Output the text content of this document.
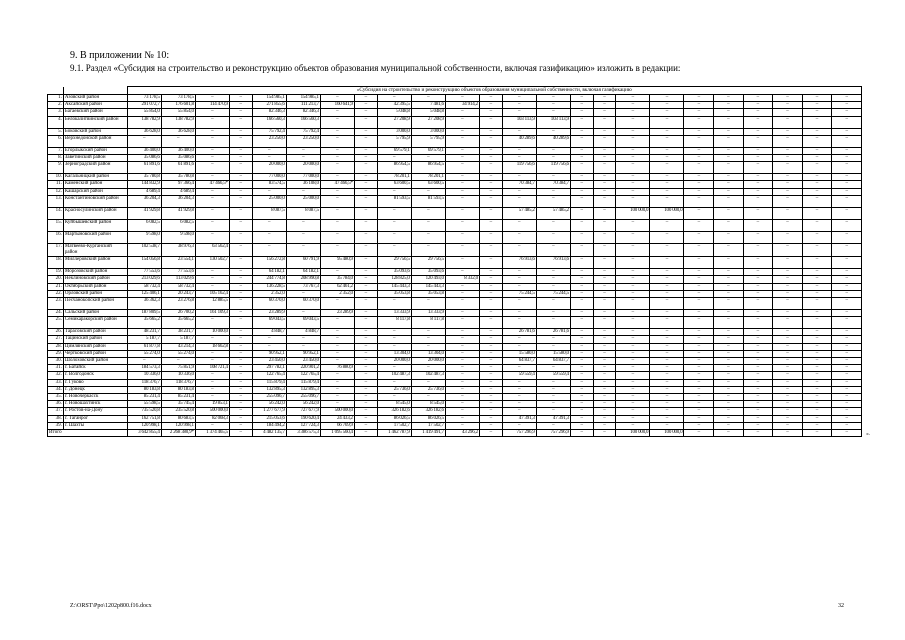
9. В приложении № 10:
9.1. Раздел «Субсидия на строительство и реконструкцию объектов образования муниципальной собственности, включая газификацию» изложить в редакции:
		«Субсидия на строительство и реконструкцию объектов образования муниципальной собственности, включая газификацию																							
1.	Азовский район	73 178,5	73 178,5	–	–	154 985,1	154 985,1	–	–	–	–	–	–	–	–	–	–	–	–	–	–	–	–	–	–
2.	Аксайский район	291 072,7	176 601,8	114 470,9	–	271 855,6	111 213,7	160 641,9	–	42 395,5	7 481,6	34 914,2	–	–	–	–	–	–	–	–	–	–	–	–	–
3.	Багаевский район	55 854,0	55 854,0	–	–	82 346,3	82 346,3	–	–	5 048,8	5 048,8	–	–	–	–	–	–	–	–	–	–	–	–	–	–
4.	Белокалитвинский район	138 782,9	138 782,9	–	–	166 560,3	166 560,3	–	–	27 208,9	27 208,9	–	–	103 113,9	103 113,9	–	–	–	–	–	–	–	–	–	–
5.	Боковский район	36 628,0	36 628,0	–	–	75 792,4	75 792,4	–	–	3 000,0	3 000,0	–	–	–	–	–	–	–	–	–	–	–	–	–	–
6.	Верхнедонской район	–	–	–	–	23 250,0	23 250,0	–	–	5 795,9	5 795,9	–	–	40 289,6	40 289,6	–	–	–	–	–	–	–	–	–	–
7.	Егорлыкский район	36 400,0	36 400,0	–	–	–	–	–	–	69 579,1	69 579,1	–	–	–	–	–	–	–	–	–	–	–	–	–	–
8.	Заветинский район	35 086,6	35 086,6	–	–	–	–	–	–	–	–	–	–	–	–	–	–	–	–	–	–	–	–	–	–
9.	Зерноградский район	61 891,6	61 891,6	–	–	20 000,0	20 000,0	–	–	86 954,5	86 954,5	–	–	119 756,6	119 756,6	–	–	–	–	–	–	–	–	–	–
10.	Кагальницкий район	35 780,8	35 780,8	–	–	77 000,0	77 000,0	–	–	78 201,1	78 201,1	–	–	–	–	–	–	–	–	–	–	–	–	–	–
11.	Каменский район	144 832,9	97 366,4	47 466,5*	–	83 574,5	36 108,0	47 466,5*	–	63 600,5	63 600,5	–	–	70 384,7	70 384,7	–	–	–	–	–	–	–	–	–	–
12.	Кашарский район	4 689,4	4 689,4	–	–	–	–	–	–	–	–	–	–	–	–	–	–	–	–	–	–	–	–	–	–
13.	Константиновский район	36 204,3	36 204,3	–	–	25 000,0	25 000,0	–	–	81 593,5	81 593,5	–	–	–	–	–	–	–	–	–	–	–	–	–	–
14.	Красносулинский район	41 929,8	41 929,8	–	–	8 087,5	8 087,5	–	–	–	–	–	–	57 485,2	57 485,2	–	–	100 000,0	100 000,0	–	–	–	–	–	–
15.	Куйбышевский район	6 082,5	6 082,5	–	–	–	–	–	–	–	–	–	–	–	–	–	–	–	–	–	–	–	–	–	–
16.	Мартыновский район	9 598,0	9 598,0	–	–	–	–	–	–	–	–	–	–	–	–	–	–	–	–	–	–	–	–	–	–
17.	Матвеево-Курганский район	102 538,7	38 976,3	63 562,4	–	–	–	–	–	–	–	–	–	–	–	–	–	–	–	–	–	–	–	–	–
18.	Миллеровский район	154 056,8	23 554,1	130 502,7	–	156 272,8	60 791,9	95 480,9	–	29 756,5	29 756,5	–	–	76 913,6	76 913,6	–	–	–	–	–	–	–	–	–	–
19.	Морозовский район	77 553,6	77 553,6	–	–	64 182,1	64 182,1	–	–	35 093,6	35 093,6	–	–	–	–	–	–	–	–	–	–	–	–	–	–
20.	Неклиновский район	213 029,6	113 029,6	–	–	244 774,8	208 990,8	35 784,0	–	128 825,0	120 493,0	8 332,0	–	–	–	–	–	–	–	–	–	–	–	–	–
21.	Октябрьский район	58 732,4	58 732,4	–	–	136 228,5	73 767,3	62 461,2	–	145 443,3	145 443,3	–	–	–	–	–	–	–	–	–	–	–	–	–	–
22.	Орловский район	125 406,1	20 243,7	105 162,4	–	2 352,0	–	2 352,0	–	35 053,8	35 053,8	–	–	75 244,5	75 244,5	–	–	–	–	–	–	–	–	–	–
23.	Песчанокопский район	36 362,3	23 276,8	12 885,5	–	60 370,0	60 370,0	–	–	–	–	–	–	–	–	–	–	–	–	–	–	–	–	–	–
24.	Сальский район	187 809,5	26 700,2	161 109,3	–	23 289,9	–	23 289,9	–	13 333,9	13 333,9	–	–	–	–	–	–	–	–	–	–	–	–	–	–
25.	Семикаракорский район	35 665,2	35 665,2	–	–	69 043,5	69 043,5	–	–	8 117,8	8 117,8	–	–	–	–	–	–	–	–	–	–	–	–	–	–
26.	Тарасовский район	48 231,7	38 231,7	10 000,0	–	4 848,7	4 848,7	–	–	–	–	–	–	26 781,6	26 781,6	–	–	–	–	–	–	–	–	–	–
27.	Тацинский район	5 187,7	5 187,7	–	–	–	–	–	–	–	–	–	–	–	–	–	–	–	–	–	–	–	–	–	–
28.	Цимлянский район	61 877,8	43 214,3	18 662,8	–	–	–	–	–	–	–	–	–	–	–	–	–	–	–	–	–	–	–	–	–
29.	Чертковский район	55 274,0	55 274,0	–	–	90 952,1	90 952,1	–	–	13 304,0	13 304,0	–	–	15 580,0	15 580,0	–	–	–	–	–	–	–	–	–	–
30.	Шолоховский район	–	–	–	–	23 450,0	23 450,0	–	–	20 000,0	20 000,0	–	–	64 837,7	64 837,7	–	–	–	–	–	–	–	–	–	–
31.	г. Батайск	184 573,3	75 851,9	108 721,4	–	297 782,1	220 901,2	76 880,9	–	–	–	–	–	–	–	–	–	–	–	–	–	–	–	–	–
32.	г. Волгодонск	10 336,0	10 336,0	–	–	122 765,4	122 765,4	–	–	102 487,3	102 487,3	–	–	59 559,4	59 559,4	–	–	–	–	–	–	–	–	–	–
33.	г. Гуково	118 376,7	118 376,7	–	–	115 879,4	115 879,4	–	–	–	–	–	–	–	–	–	–	–	–	–	–	–	–	–	–
34.	г. Донецк	80 183,8	80 183,8	–	–	132 895,3	132 895,3	–	–	25 736,0	25 736,0	–	–	–	–	–	–	–	–	–	–	–	–	–	–
35.	г. Новочеркасск	85 231,4	85 231,4	–	–	255 096,7	255 096,7	–	–	–	–	–	–	–	–	–	–	–	–	–	–	–	–	–	–
36.	г. Новошахтинск	55 598,5	35 745,4	19 853,1	–	56 242,0	56 242,0	–	–	8 545,0	8 545,0	–	–	–	–	–	–	–	–	–	–	–	–	–	–
37.	г. Ростов-на-Дону	735 520,8	235 520,8	500 000,0	–	1 277 677,9	727 677,9	500 000,0	–	326 182,6	326 182,6	–	–	–	–	–	–	–	–	–	–	–	–	–	–
38.	г. Таганрог	162 751,8	80 683,5	82 068,3	–	215 053,6	190 620,4	24 433,2	–	86 026,5	86 026,5	–	–	47 391,3	47 391,3	–	–	–	–	–	–	–	–	–	–
39.	г. Шахты	120 998,1	120 998,1	–	–	184 494,2	127 724,3	66 769,9	–	17 502,7	17 502,7	–	–	–	–	–	–	–	–	–	–	–	–	–	–
Итого		3 642 855,4	2 268 380,9*	1 374 465,5	–	4 482 135,7	3 386 575,3	1 095 560,4	–	1 462 787,9	1 419 491,7	43 296,2	–	757 296,9	757 296,9	–	–	100 000,0	100 000,0	–	–	–	–	–	–	».
Z:\ORST\Ppo\1202p800.f16.docx	32
